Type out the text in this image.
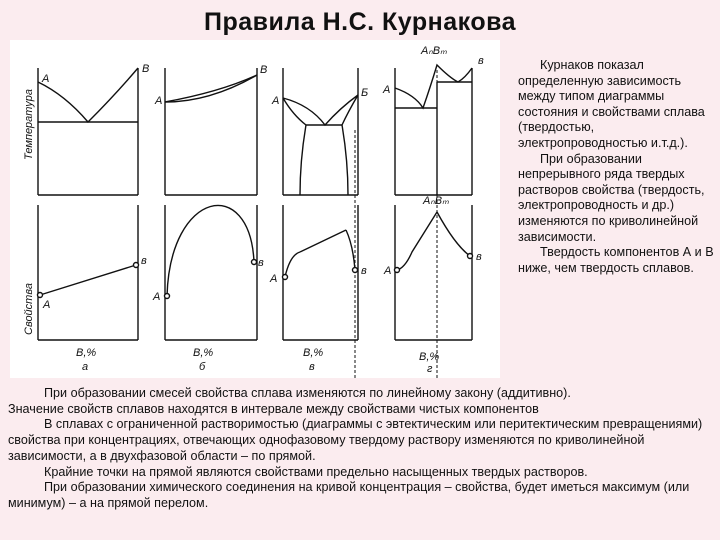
Правила Н.С. Курнакова
Температура
Свойства
A
B
A
B
A
Б А
в
AₙBₘ
A
в
A
в
A
в A
в
AₙBₘ
B,%
а
B,%
б
B,%
в
B,%
г

Курнаков показал определенную зависимость между типом диаграммы состояния и свойствами сплава (твердостью, электропроводностью и.т.д.).

При образовании непрерывного ряда твердых растворов свойства (твердость, электропроводность и др.) изменяются по криволинейной зависимости.

Твердость компонентов А и В ниже, чем твердость сплавов.

При образовании смесей свойства сплава изменяются по линейному закону (аддитивно).

Значение свойств сплавов находятся в интервале между свойствами чистых компонентов

В сплавах с ограниченной растворимостью (диаграммы с эвтектическим или перитектическим превращениями) свойства при концентрациях, отвечающих однофазовому твердому раствору изменяются по криволинейной зависимости, а в двухфазовой области – по прямой.

Крайние точки на прямой являются свойствами предельно насыщенных твердых растворов.

При образовании химического соединения на кривой концентрация – свойства, будет иметься максимум (или минимум) – а на прямой перелом.
